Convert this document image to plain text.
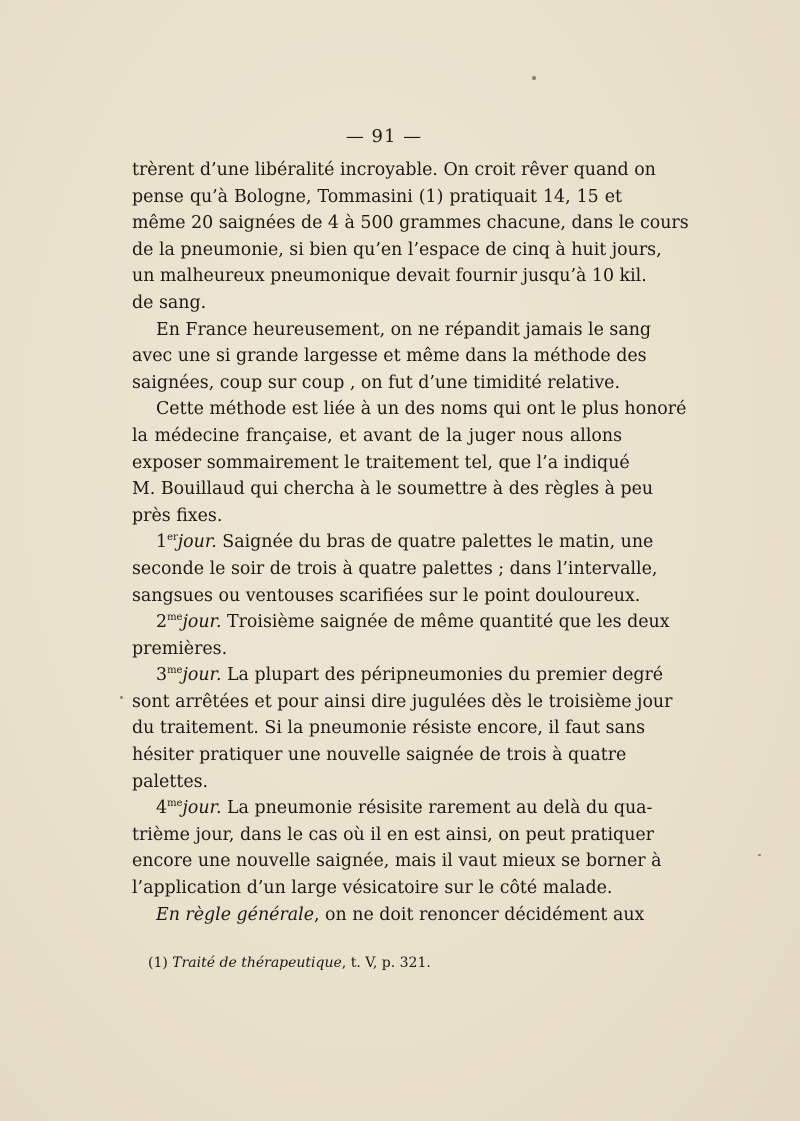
— 91 —
trèrent d’une libéralité incroyable. On croit rêver quand on
pense qu’à Bologne, Tommasini (1) pratiquait 14, 15 et
même 20 saignées de 4 à 500 grammes chacune, dans le cours
de la pneumonie, si bien qu’en l’espace de cinq à huit jours,
un malheureux pneumonique devait fournir jusqu’à 10 kil.
de sang.
En France heureusement, on ne répandit jamais le sang
avec une si grande largesse et même dans la méthode des
saignées, coup sur coup , on fut d’une timidité relative.
Cette méthode est liée à un des noms qui ont le plus honoré
la médecine française, et avant de la juger nous allons
exposer sommairement le traitement tel, que l’a indiqué
M. Bouillaud qui chercha à le soumettre à des règles à peu
près fixes.
1erjour. Saignée du bras de quatre palettes le matin, une
seconde le soir de trois à quatre palettes ; dans l’intervalle,
sangsues ou ventouses scarifiées sur le point douloureux.
$2^{me}jour$. Troisième saignée de même quantité que les deux
premières.
$3^{me}jour$. La plupart des péripneumonies du premier degré
sont arrêtées et pour ainsi dire jugulées dès le troisième jour
du traitement. Si la pneumonie résiste encore, il faut sans
hésiter pratiquer une nouvelle saignée de trois à quatre
palettes.
$4^{me}jour$. La pneumonie résisite rarement au delà du qua-
trième jour, dans le cas où il en est ainsi, on peut pratiquer
encore une nouvelle saignée, mais il vaut mieux se borner à
l’application d’un large vésicatoire sur le côté malade.
En règle générale, on ne doit renoncer décidément aux
(1) Traité de thérapeutique, t. V, p. 321.
